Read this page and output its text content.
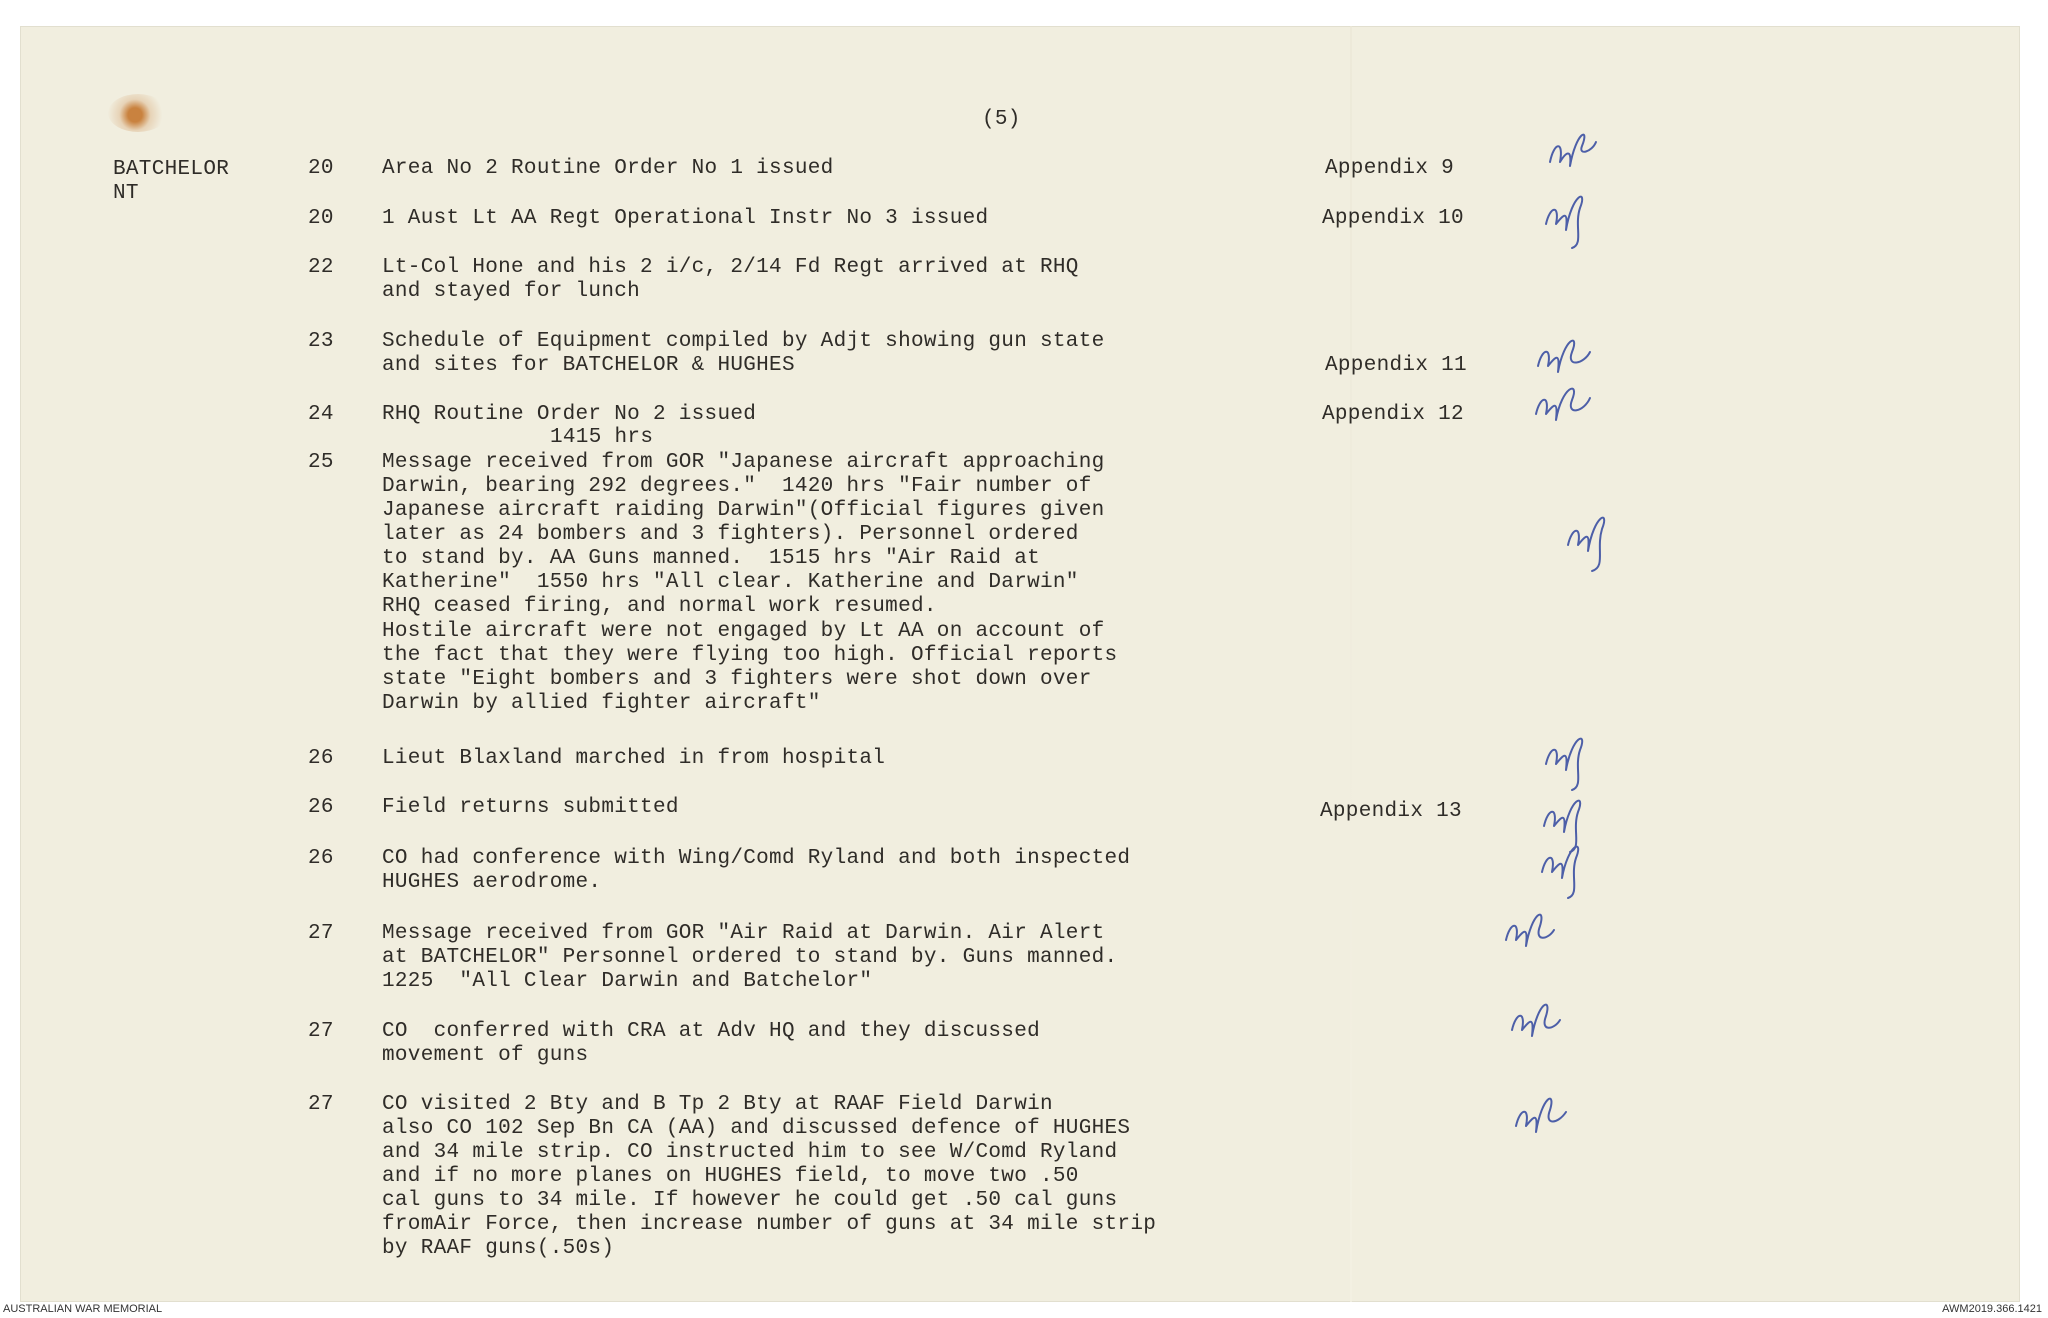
(5)
BATCHELOR
NT
20	Area No 2 Routine Order No 1 issued	Appendix 9
20	1 Aust Lt AA Regt Operational Instr No 3 issued	Appendix 10
22	Lt-Col Hone and his 2 i/c, 2/14 Fd Regt arrived at RHQ
and stayed for lunch
23	Schedule of Equipment compiled by Adjt showing gun state
and sites for BATCHELOR & HUGHES	Appendix 11
24	RHQ Routine Order No 2 issued	Appendix 12
1415 hrs
25	Message received from GOR "Japanese aircraft approaching
Darwin, bearing 292 degrees."  1420 hrs "Fair number of
Japanese aircraft raiding Darwin"(Official figures given
later as 24 bombers and 3 fighters). Personnel ordered
to stand by. AA Guns manned.  1515 hrs "Air Raid at
Katherine"  1550 hrs "All clear. Katherine and Darwin"
RHQ ceased firing, and normal work resumed.
Hostile aircraft were not engaged by Lt AA on account of
the fact that they were flying too high. Official reports
state "Eight bombers and 3 fighters were shot down over
Darwin by allied fighter aircraft"
26	Lieut Blaxland marched in from hospital
26	Field returns submitted	Appendix 13
26	CO had conference with Wing/Comd Ryland and both inspected
HUGHES aerodrome.
27	Message received from GOR "Air Raid at Darwin. Air Alert
at BATCHELOR" Personnel ordered to stand by. Guns manned.
1225  "All Clear Darwin and Batchelor"
27	CO  conferred with CRA at Adv HQ and they discussed
movement of guns
27	CO visited 2 Bty and B Tp 2 Bty at RAAF Field Darwin
also CO 102 Sep Bn CA (AA) and discussed defence of HUGHES
and 34 mile strip. CO instructed him to see W/Comd Ryland
and if no more planes on HUGHES field, to move two .50
cal guns to 34 mile. If however he could get .50 cal guns
fromAir Force, then increase number of guns at 34 mile strip
by RAAF guns(.50s)
AUSTRALIAN WAR MEMORIAL	AWM2019.366.1421
